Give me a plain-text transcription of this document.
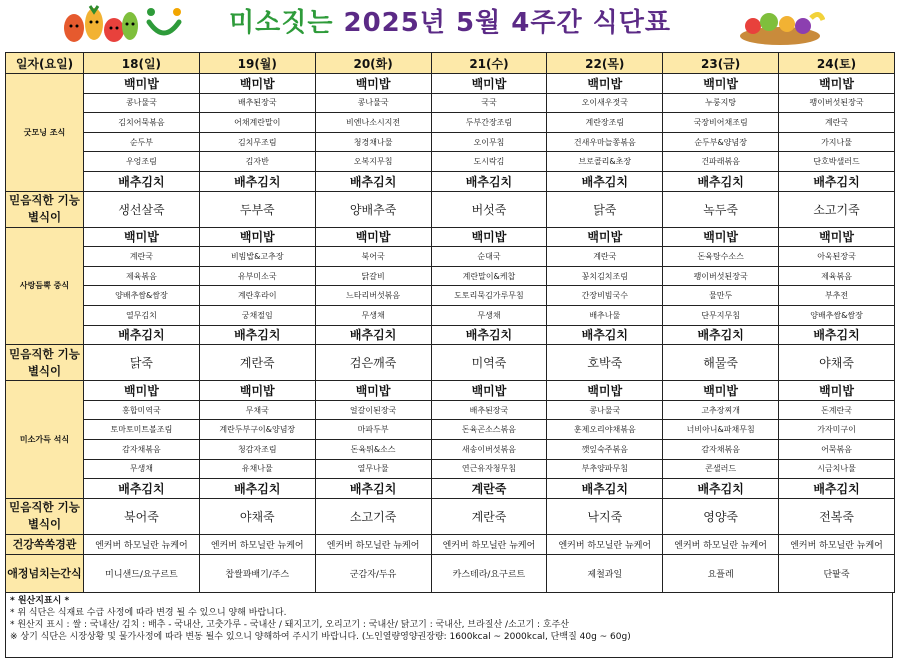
미소짓는 2025년 5월 4주간 식단표
일자(요일)	18(일)	19(월)	20(화)	21(수)	22(목)	23(금)	24(토)
굿모닝 조식	백미밥	백미밥	백미밥	백미밥	백미밥	백미밥	백미밥
	콩나물국	배추된장국	콩나물국	국국	오이새우젓국	누룽지탕	팽이버섯된장국
	김치어묵볶음	어채계란말이	비엔나소시지전	두부간장조림	계란장조림	국장비어채조림	계란국
	순두부	김치무조림	청경채나물	오이무침	건새우마늘쫑볶음	순두부&양념장	가지나물
	우엉조림	김자반	오복지무침	도시락김	브로콜리&초장	건파래볶음	단호박샐러드
	배추김치	배추김치	배추김치	배추김치	배추김치	배추김치	배추김치
믿음직한 기능별식이	생선살죽	두부죽	양배추죽	버섯죽	닭죽	녹두죽	소고기죽
사랑듬뿍 중식	백미밥	백미밥	백미밥	백미밥	백미밥	백미밥	백미밥
	계란국	비빔밥&고추장	북어국	순대국	계란국	돈육탕수소스	아욱된장국
	제육볶음	유부미소국	닭갈비	계란말이&케찹	꽁치김치조림	팽이버섯된장국	제육볶음
	양배추쌈&쌈장	계란후라이	느타리버섯볶음	도토리묵김가루무침	간장비빔국수	물만두	부추전
	열무김치	궁채절임	무생채	무생채	배추나물	단무지무침	양배추쌈&쌈장
	배추김치	배추김치	배추김치	배추김치	배추김치	배추김치	배추김치
믿음직한 기능별식이	닭죽	계란죽	검은깨죽	미역죽	호박죽	해물죽	야채죽
미소가득 석식	백미밥	백미밥	백미밥	백미밥	백미밥	백미밥	백미밥
	홍합미역국	무채국	얼갈이된장국	배추된장국	콩나물국	고추장찌개	돈계란국
	토마토미트볼조림	계란두부구이&양념장	마파두부	돈육곤소스볶음	훈제오리야채볶음	너비아니&파채무침	가자미구이
	감자채볶음	청감자조림	돈육튀&소스	새송이버섯볶음	깻잎숙주볶음	감자채볶음	어묵볶음
	무생채	유채나물	열무나물	연근유자청무침	부추양파무침	콘샐러드	시금치나물
	배추김치	배추김치	배추김치	계란죽	배추김치	배추김치	배추김치
믿음직한 기능별식이	북어죽	야채죽	소고기죽	계란죽	낙지죽	영양죽	전복죽
건강쏙쏙경관	엔커버 하모닐란 뉴케어	엔커버 하모닐란 뉴케어	엔커버 하모닐란 뉴케어	엔커버 하모닐란 뉴케어	엔커버 하모닐란 뉴케어	엔커버 하모닐란 뉴케어	엔커버 하모닐란 뉴케어
애정넘치는간식	미니샌드/요구르트	찹쌀꽈배기/주스	군감자/두유	카스테라/요구르트	제철과일	요플레	단팥죽
* 원산지표시 *
* 위 식단은 식재료 수급 사정에 따라 변경 될 수 있으니 양해 바랍니다.
* 원산지 표시 : 쌀 : 국내산/ 김치 : 배추 - 국내산, 고춧가루 - 국내산 / 돼지고기, 오리고기 : 국내산/ 닭고기 : 국내산, 브라질산 /소고기 : 호주산
※ 상기 식단은 시장상황 및 물가사정에 따라 변동 될수 있으니 양해하여 주시기 바랍니다. (노인열량영양권장량: 1600kcal ~ 2000kcal, 단백질 40g ~ 60g)
